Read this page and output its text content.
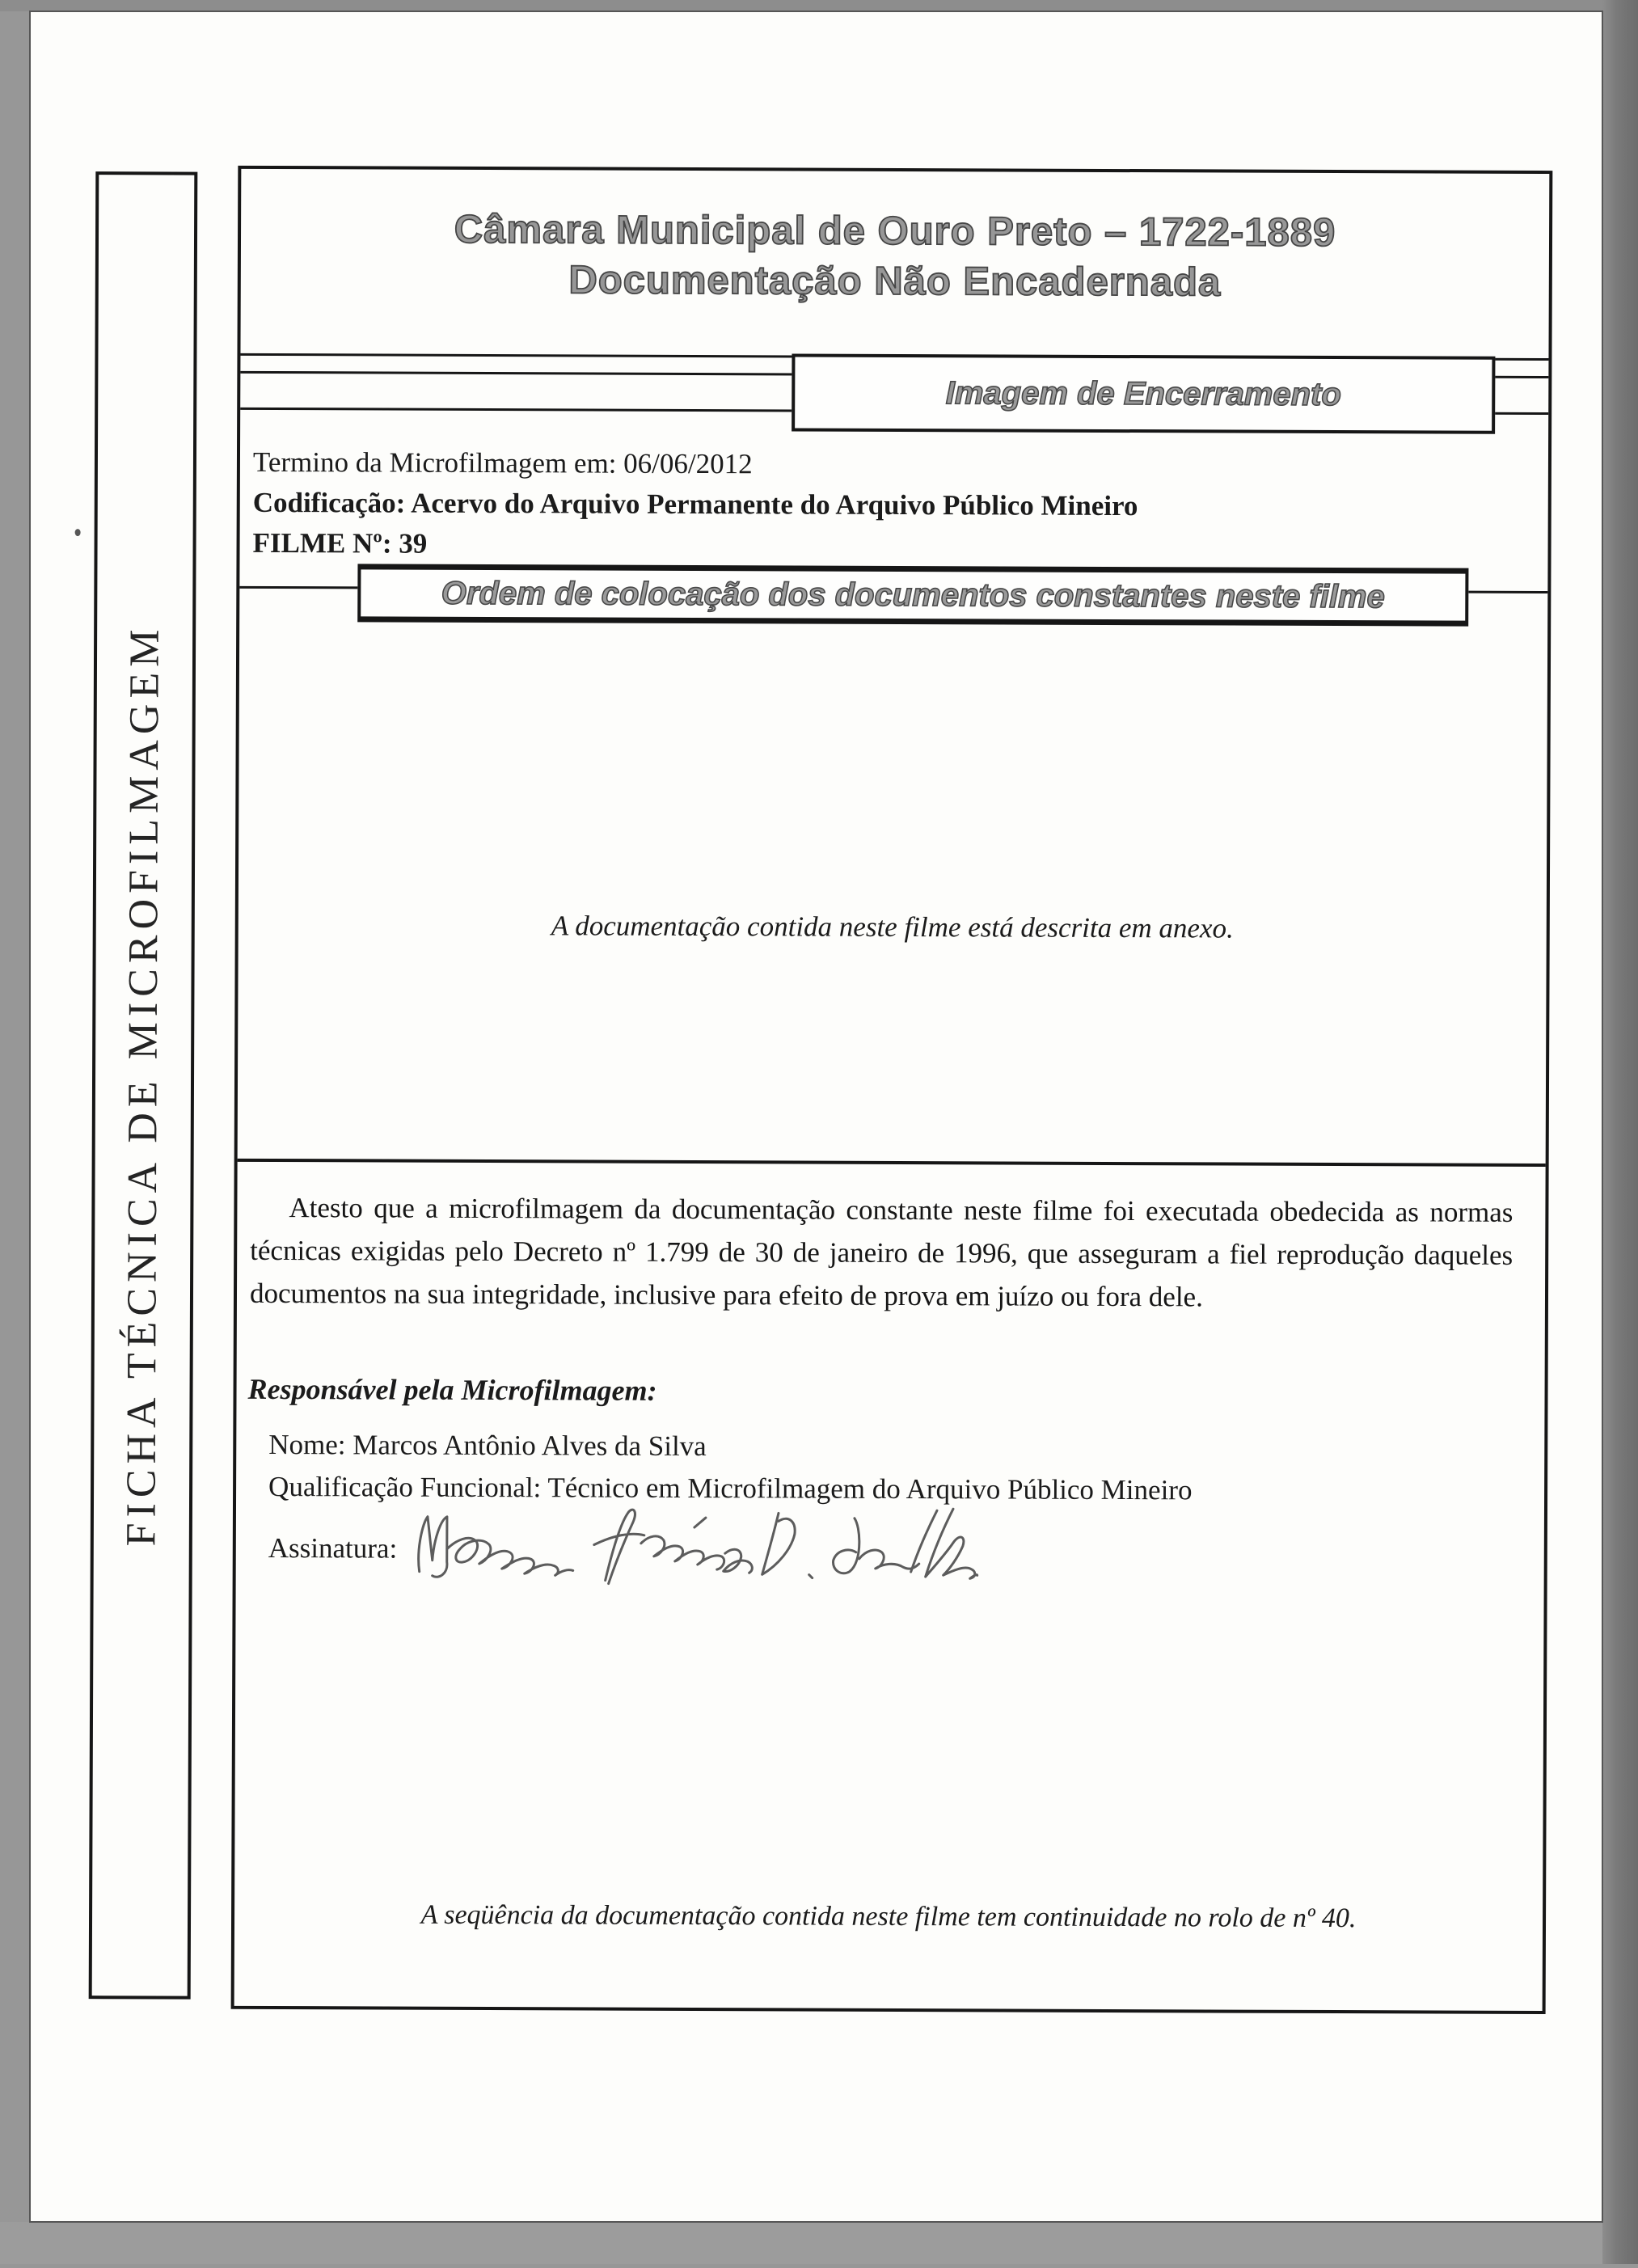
FICHA TÉCNICA DE MICROFILMAGEM
Câmara Municipal de Ouro Preto – 1722-1889
Documentação Não Encadernada
Imagem de Encerramento
Termino da Microfilmagem em: 06/06/2012
Codificação: Acervo do Arquivo Permanente do Arquivo Público Mineiro
FILME Nº: 39
Ordem de colocação dos documentos constantes neste filme
A documentação contida neste filme está descrita em anexo.
Atesto que a microfilmagem da documentação constante neste filme foi executada obedecida as normas técnicas exigidas pelo Decreto nº 1.799 de 30 de janeiro de 1996, que asseguram a fiel reprodução daqueles documentos na sua integridade, inclusive para efeito de prova em juízo ou fora dele.
Responsável pela Microfilmagem:
Nome: Marcos Antônio Alves da Silva
Qualificação Funcional: Técnico em Microfilmagem do Arquivo Público Mineiro
Assinatura:
A seqüência da documentação contida neste filme tem continuidade no rolo de nº 40.
